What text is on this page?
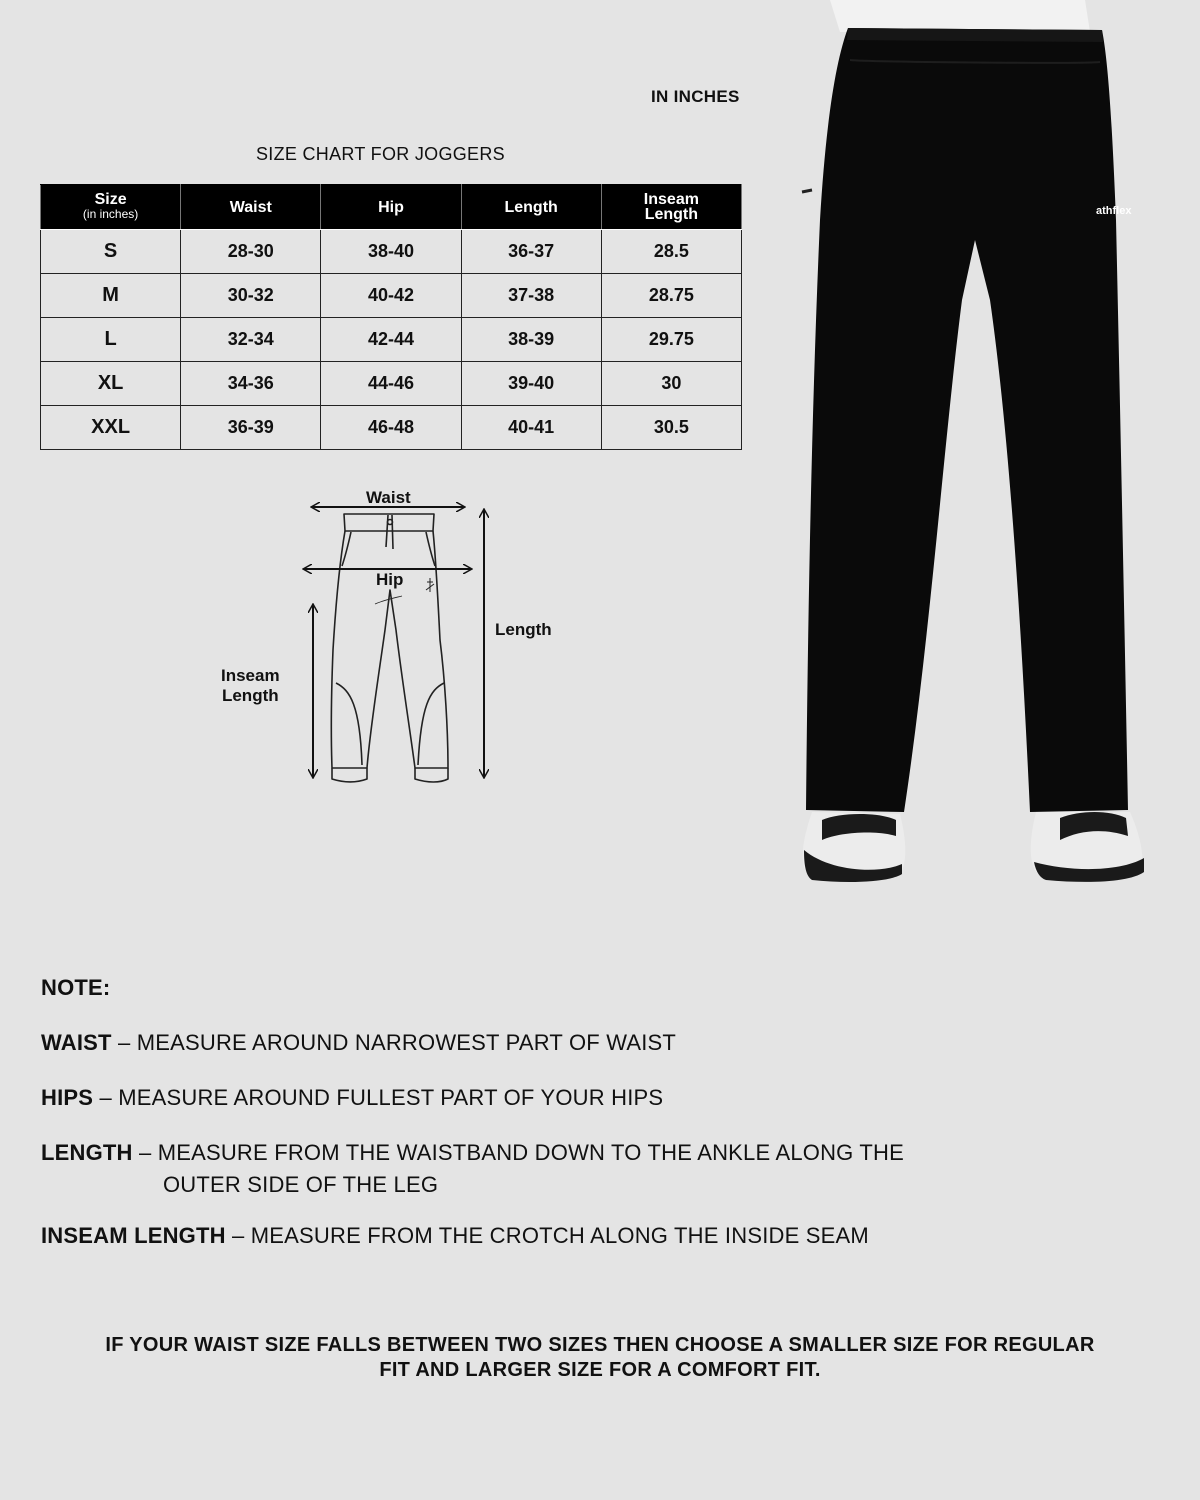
IN INCHES
SIZE CHART FOR JOGGERS
Size
(in inches)	Waist	Hip	Length	Inseam Length
S	28-30	38-40	36-37	28.5
M	30-32	40-42	37-38	28.75
L	32-34	42-44	38-39	29.75
XL	34-36	44-46	39-40	30
XXL	36-39	46-48	40-41	30.5
Waist
Hip
Length
Inseam
Length
athflex
NOTE:
WAIST – MEASURE AROUND NARROWEST PART OF WAIST
HIPS – MEASURE AROUND FULLEST PART OF YOUR HIPS
LENGTH – MEASURE FROM THE WAISTBAND DOWN TO THE ANKLE ALONG THE
OUTER SIDE OF THE LEG
INSEAM LENGTH – MEASURE FROM THE CROTCH ALONG THE INSIDE SEAM
IF YOUR WAIST SIZE FALLS BETWEEN TWO SIZES THEN CHOOSE A SMALLER SIZE FOR REGULAR
FIT AND LARGER SIZE FOR A COMFORT FIT.
